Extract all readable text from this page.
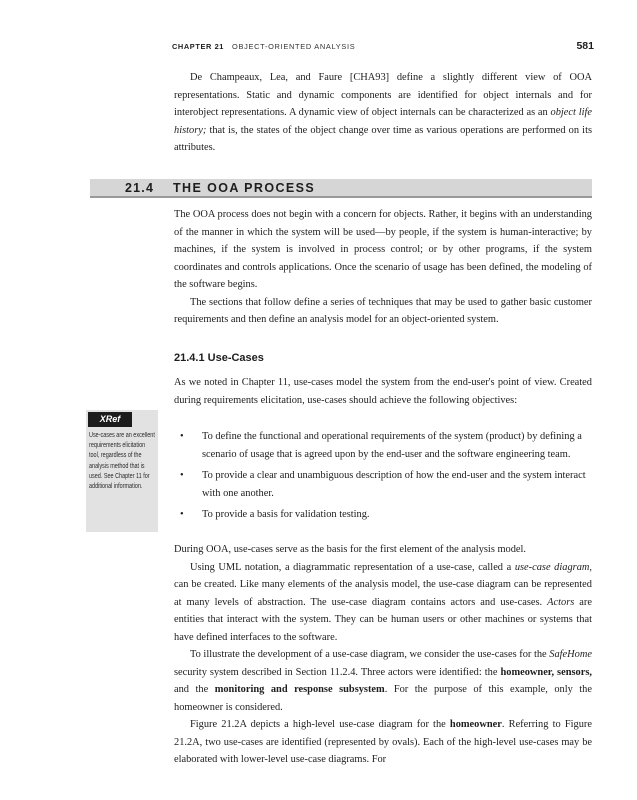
CHAPTER 21 OBJECT-ORIENTED ANALYSIS	581

De Champeaux, Lea, and Faure [CHA93] define a slightly different view of OOA representations. Static and dynamic components are identified for object internals and for interobject representations. A dynamic view of object internals can be characterized as an object life history; that is, the states of the object change over time as various operations are performed on its attributes.

21.4 THE OOA PROCESS

The OOA process does not begin with a concern for objects. Rather, it begins with an understanding of the manner in which the system will be used—by people, if the system is human-interactive; by machines, if the system is involved in process control; or by other programs, if the system coordinates and controls applications. Once the scenario of usage has been defined, the modeling of the software begins.

The sections that follow define a series of techniques that may be used to gather basic customer requirements and then define an analysis model for an object-oriented system.

21.4.1 Use-Cases

As we noted in Chapter 11, use-cases model the system from the end-user's point of view. Created during requirements elicitation, use-cases should achieve the following objectives:

XRef
Use-cases are an excellent requirements elicitation tool, regardless of the analysis method that is used. See Chapter 11 for additional information.
• To define the functional and operational requirements of the system (product) by defining a scenario of usage that is agreed upon by the end-user and the software engineering team.
• To provide a clear and unambiguous description of how the end-user and the system interact with one another.
• To provide a basis for validation testing.

During OOA, use-cases serve as the basis for the first element of the analysis model.

Using UML notation, a diagrammatic representation of a use-case, called a use-case diagram, can be created. Like many elements of the analysis model, the use-case diagram can be represented at many levels of abstraction. The use-case diagram contains actors and use-cases. Actors are entities that interact with the system. They can be human users or other machines or systems that have defined interfaces to the software.

To illustrate the development of a use-case diagram, we consider the use-cases for the SafeHome security system described in Section 11.2.4. Three actors were identified: the homeowner, sensors, and the monitoring and response subsystem. For the purpose of this example, only the homeowner is considered.

Figure 21.2A depicts a high-level use-case diagram for the homeowner. Referring to Figure 21.2A, two use-cases are identified (represented by ovals). Each of the high-level use-cases may be elaborated with lower-level use-case diagrams. For
